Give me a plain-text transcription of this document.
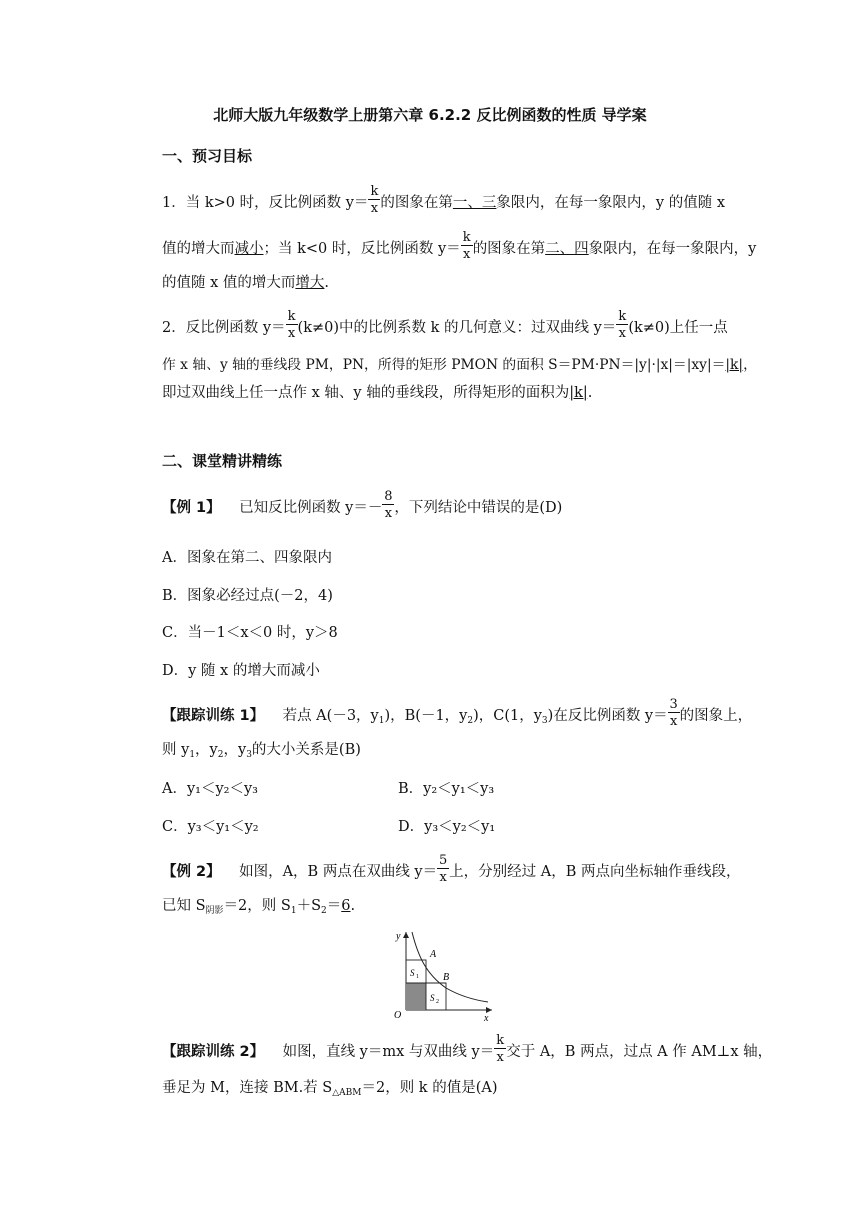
北师大版九年级数学上册第六章 6.2.2 反比例函数的性质 导学案
一、预习目标
1．当 k>0 时，反比例函数 $y= \frac{k}{x}$ 的图象在第一、三象限内，在每一象限内，y 的值随 x
值的增大而减小；当 k<0 时，反比例函数 $y= \frac{k}{x}$ 的图象在第二、四象限内，在每一象限内，y
的值随 x 值的增大而增大.
2．反比例函数 $y= \frac{k}{x} (k\ne 0)$中的比例系数 k 的几何意义：过双曲线 $y= \frac{k}{x} (k\ne 0)$上任一点
作 x 轴、y 轴的垂线段 PM，PN，所得的矩形 PMON 的面积 S＝PM·PN＝|y|·|x|＝|xy|＝|k|，
即过双曲线上任一点作 x 轴、y 轴的垂线段，所得矩形的面积为|k|.
二、课堂精讲精练
【例 1】 已知反比例函数 $y=- \frac{8}{x}$ ，下列结论中错误的是(D)
A．图象在第二、四象限内
B．图象必经过点(－2，4)
C．当－1＜x＜0 时，y＞8
D．y 随 x 的增大而减小
【跟踪训练 1】 若点 A(－3，$y_1$)，B(－1，$y_2$)，C(1，$y_3$)在反比例函数 $y= \frac{3}{x}$ 的图象上，
则 $y_1$，$y_2$，$y_3$的大小关系是(B)
A．y₁＜y₂＜y₃	B．y₂＜y₁＜y₃
C．y₃＜y₁＜y₂	D．y₃＜y₂＜y₁
【例 2】 如图，A，B 两点在双曲线 $y= \frac{5}{x}$ 上，分别经过 A，B 两点向坐标轴作垂线段，
已知 $S_{阴影}=2$，则 $S_1+S_2=6$.
y
x
O
A
B
S 1
S 2
【跟踪训练 2】 如图，直线 y＝mx 与双曲线 $y= \frac{k}{x}$ 交于 A，B 两点，过点 A 作 AM⊥x 轴，
垂足为 M，连接 BM.若 $S_{\triangle ABM}=2$，则 k 的值是(A)
